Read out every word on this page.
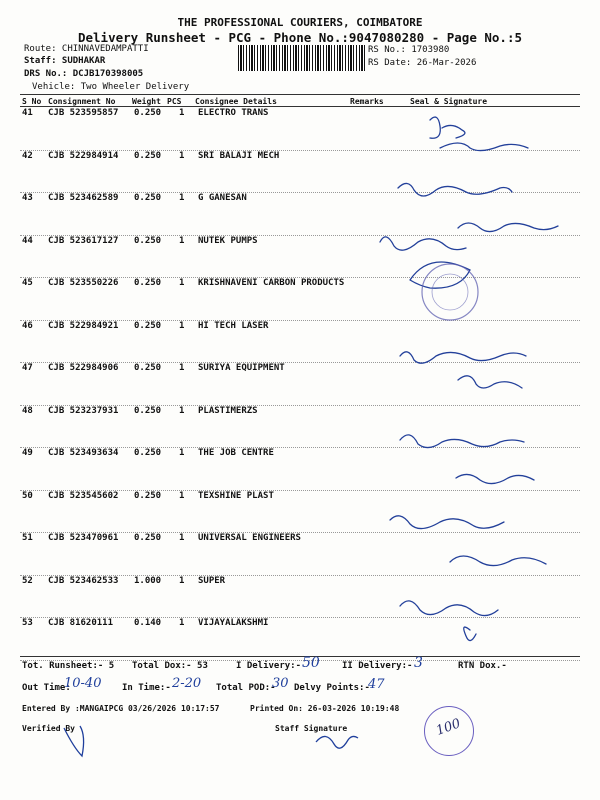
THE PROFESSIONAL COURIERS, COIMBATORE
Delivery Runsheet - PCG - Phone No.:9047080280 - Page No.:5
Route: CHINNAVEDAMPATTI
Staff: SUDHAKAR
DRS No.: DCJB170398005
Vehicle: Two Wheeler Delivery
RS No.: 1703980
RS Date: 26-Mar-2026
S No Consignment No Weight PCS Consignee Details	Remarks	Seal & Signature
41 CJB 523595857 0.250 1 ELECTRO TRANS
42 CJB 522984914 0.250 1 SRI BALAJI MECH
43 CJB 523462589 0.250 1 G GANESAN
44 CJB 523617127 0.250 1 NUTEK PUMPS
45 CJB 523550226 0.250 1 KRISHNAVENI CARBON PRODUCTS
46 CJB 522984921 0.250 1 HI TECH LASER
47 CJB 522984906 0.250 1 SURIYA EQUIPMENT
48 CJB 523237931 0.250 1 PLASTIMERZS
49 CJB 523493634 0.250 1 THE JOB CENTRE
50 CJB 523545602 0.250 1 TEXSHINE PLAST
51 CJB 523470961 0.250 1 UNIVERSAL ENGINEERS
52 CJB 523462533 1.000 1 SUPER
53 CJB 81620111 0.140 1 VIJAYALAKSHMI
Tot. Runsheet:- 5 Total Dox:- 53	I Delivery:- 50 II Delivery:- 3	RTN Dox.-
Out Time:
10-40 In Time:- 2-20 Total POD:-
30 Delvy Points:-
47
Entered By :MANGAIPCG 03/26/2026 10:17:57	Printed On: 26-03-2026 10:19:48
Verified By	Staff Signature	100
